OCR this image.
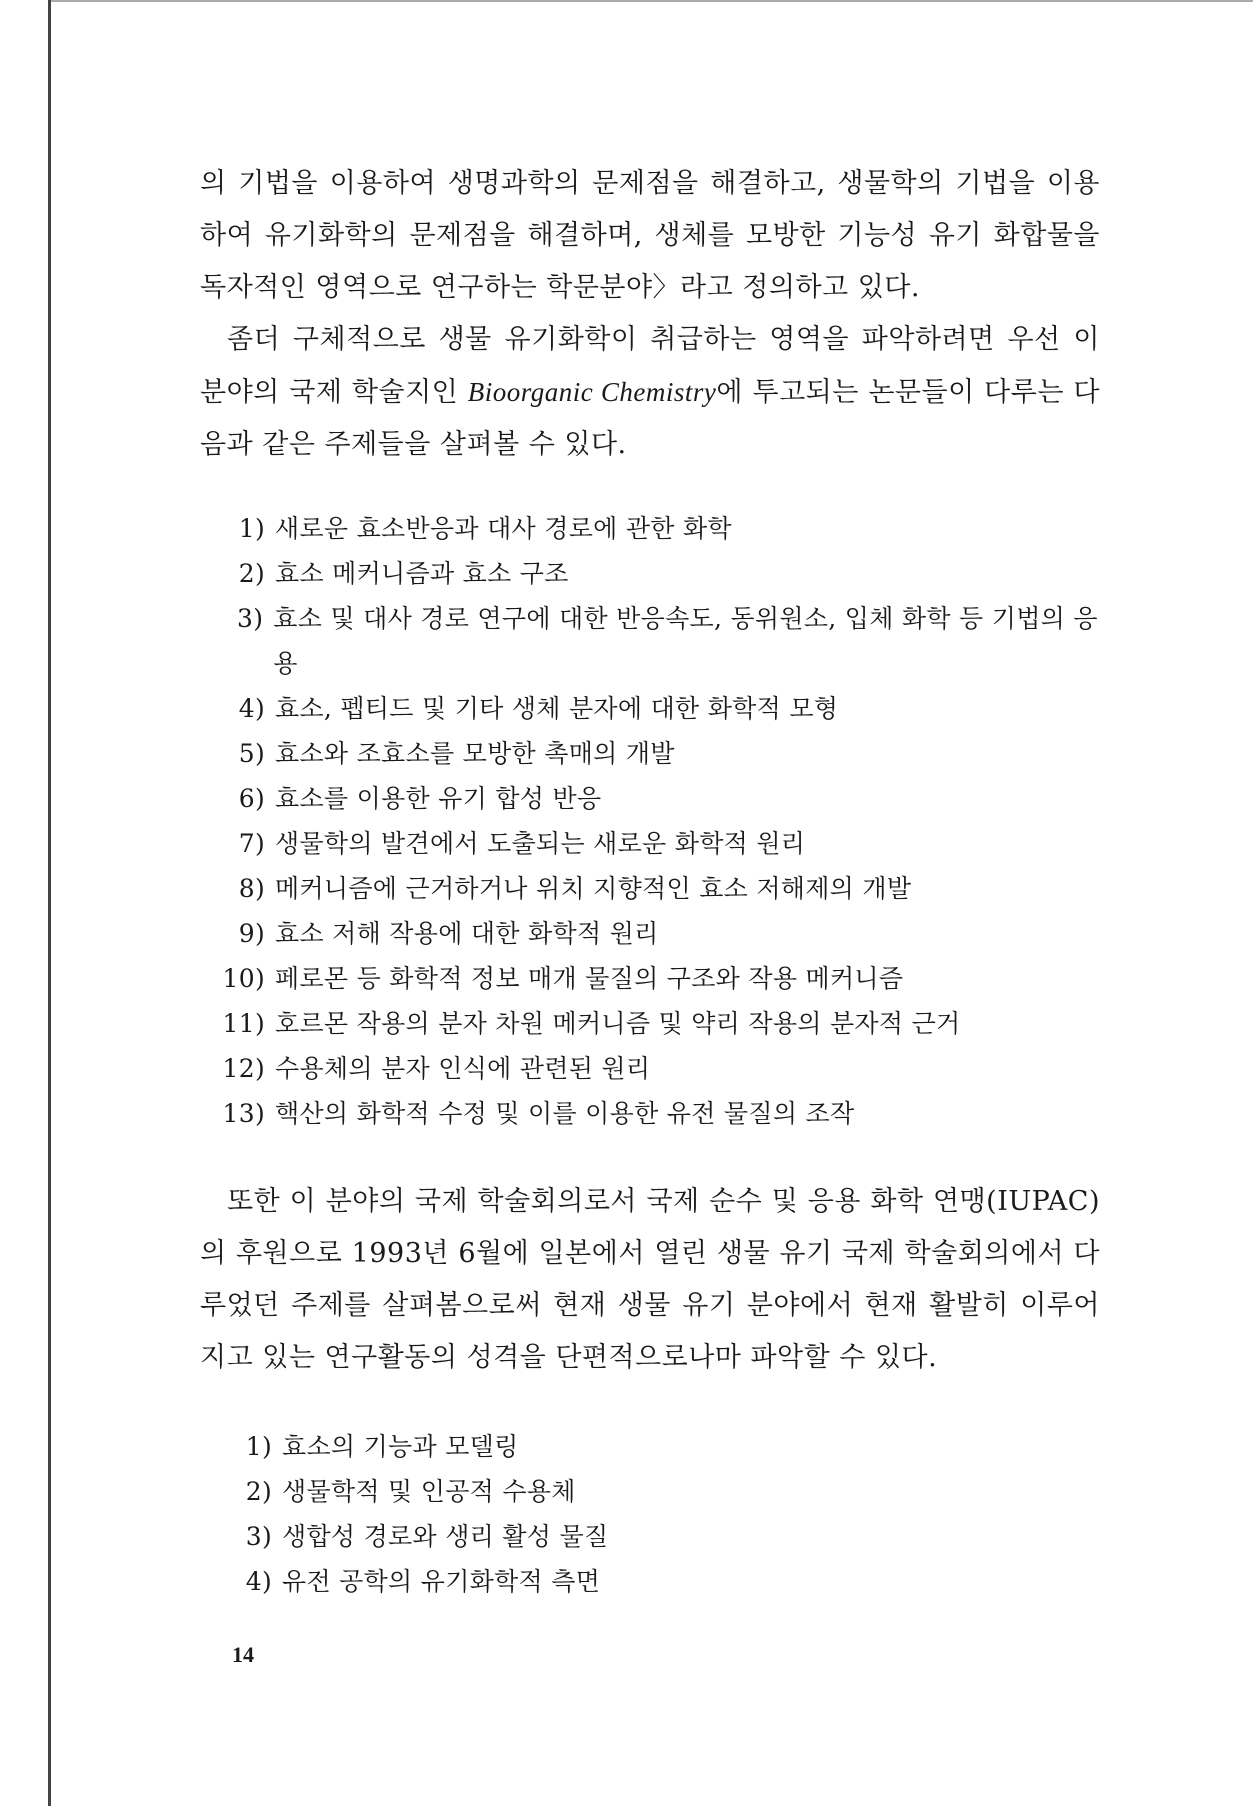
의 기법을 이용하여 생명과학의 문제점을 해결하고, 생물학의 기법을 이용하여 유기화학의 문제점을 해결하며, 생체를 모방한 기능성 유기 화합물을 독자적인 영역으로 연구하는 학문분야〉라고 정의하고 있다.

좀더 구체적으로 생물 유기화학이 취급하는 영역을 파악하려면 우선 이 분야의 국제 학술지인 Bioorganic Chemistry에 투고되는 논문들이 다루는 다음과 같은 주제들을 살펴볼 수 있다.

1) 새로운 효소반응과 대사 경로에 관한 화학
2) 효소 메커니즘과 효소 구조
3) 효소 및 대사 경로 연구에 대한 반응속도, 동위원소, 입체 화학 등 기법의 응용
4) 효소, 펩티드 및 기타 생체 분자에 대한 화학적 모형
5) 효소와 조효소를 모방한 촉매의 개발
6) 효소를 이용한 유기 합성 반응
7) 생물학의 발견에서 도출되는 새로운 화학적 원리
8) 메커니즘에 근거하거나 위치 지향적인 효소 저해제의 개발
9) 효소 저해 작용에 대한 화학적 원리
10) 페로몬 등 화학적 정보 매개 물질의 구조와 작용 메커니즘
11) 호르몬 작용의 분자 차원 메커니즘 및 약리 작용의 분자적 근거
12) 수용체의 분자 인식에 관련된 원리
13) 핵산의 화학적 수정 및 이를 이용한 유전 물질의 조작

또한 이 분야의 국제 학술회의로서 국제 순수 및 응용 화학 연맹(IUPAC)의 후원으로 1993년 6월에 일본에서 열린 생물 유기 국제 학술회의에서 다루었던 주제를 살펴봄으로써 현재 생물 유기 분야에서 현재 활발히 이루어지고 있는 연구활동의 성격을 단편적으로나마 파악할 수 있다.

1) 효소의 기능과 모델링
2) 생물학적 및 인공적 수용체
3) 생합성 경로와 생리 활성 물질
4) 유전 공학의 유기화학적 측면
14
